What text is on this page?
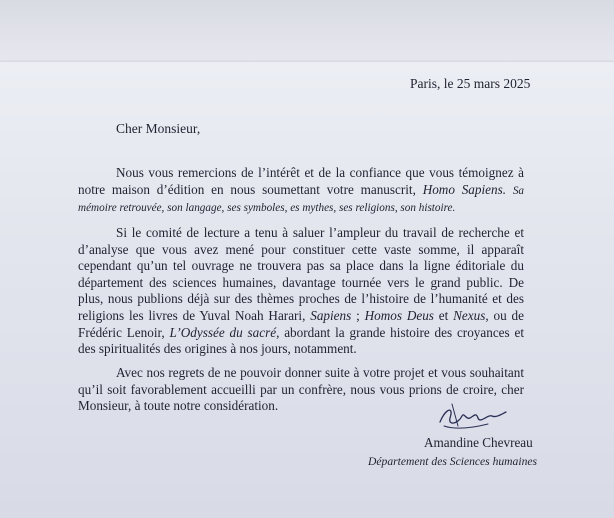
Paris, le 25 mars 2025
Cher Monsieur,
Nous vous remercions de l’intérêt et de la confiance que vous témoignez à notre maison d’édition en nous soumettant votre manuscrit, Homo Sapiens. Sa mémoire retrouvée, son langage, ses symboles, es mythes, ses religions, son histoire.
Si le comité de lecture a tenu à saluer l’ampleur du travail de recherche et d’analyse que vous avez mené pour constituer cette vaste somme, il apparaît cependant qu’un tel ouvrage ne trouvera pas sa place dans la ligne éditoriale du département des sciences humaines, davantage tournée vers le grand public. De plus, nous publions déjà sur des thèmes proches de l’histoire de l’humanité et des religions les livres de Yuval Noah Harari, Sapiens ; Homos Deus et Nexus, ou de Frédéric Lenoir, L’Odyssée du sacré, abordant la grande histoire des croyances et des spiritualités des origines à nos jours, notamment.
Avec nos regrets de ne pouvoir donner suite à votre projet et vous souhaitant qu’il soit favorablement accueilli par un confrère, nous vous prions de croire, cher Monsieur, à toute notre considération.
Amandine Chevreau
Département des Sciences humaines
